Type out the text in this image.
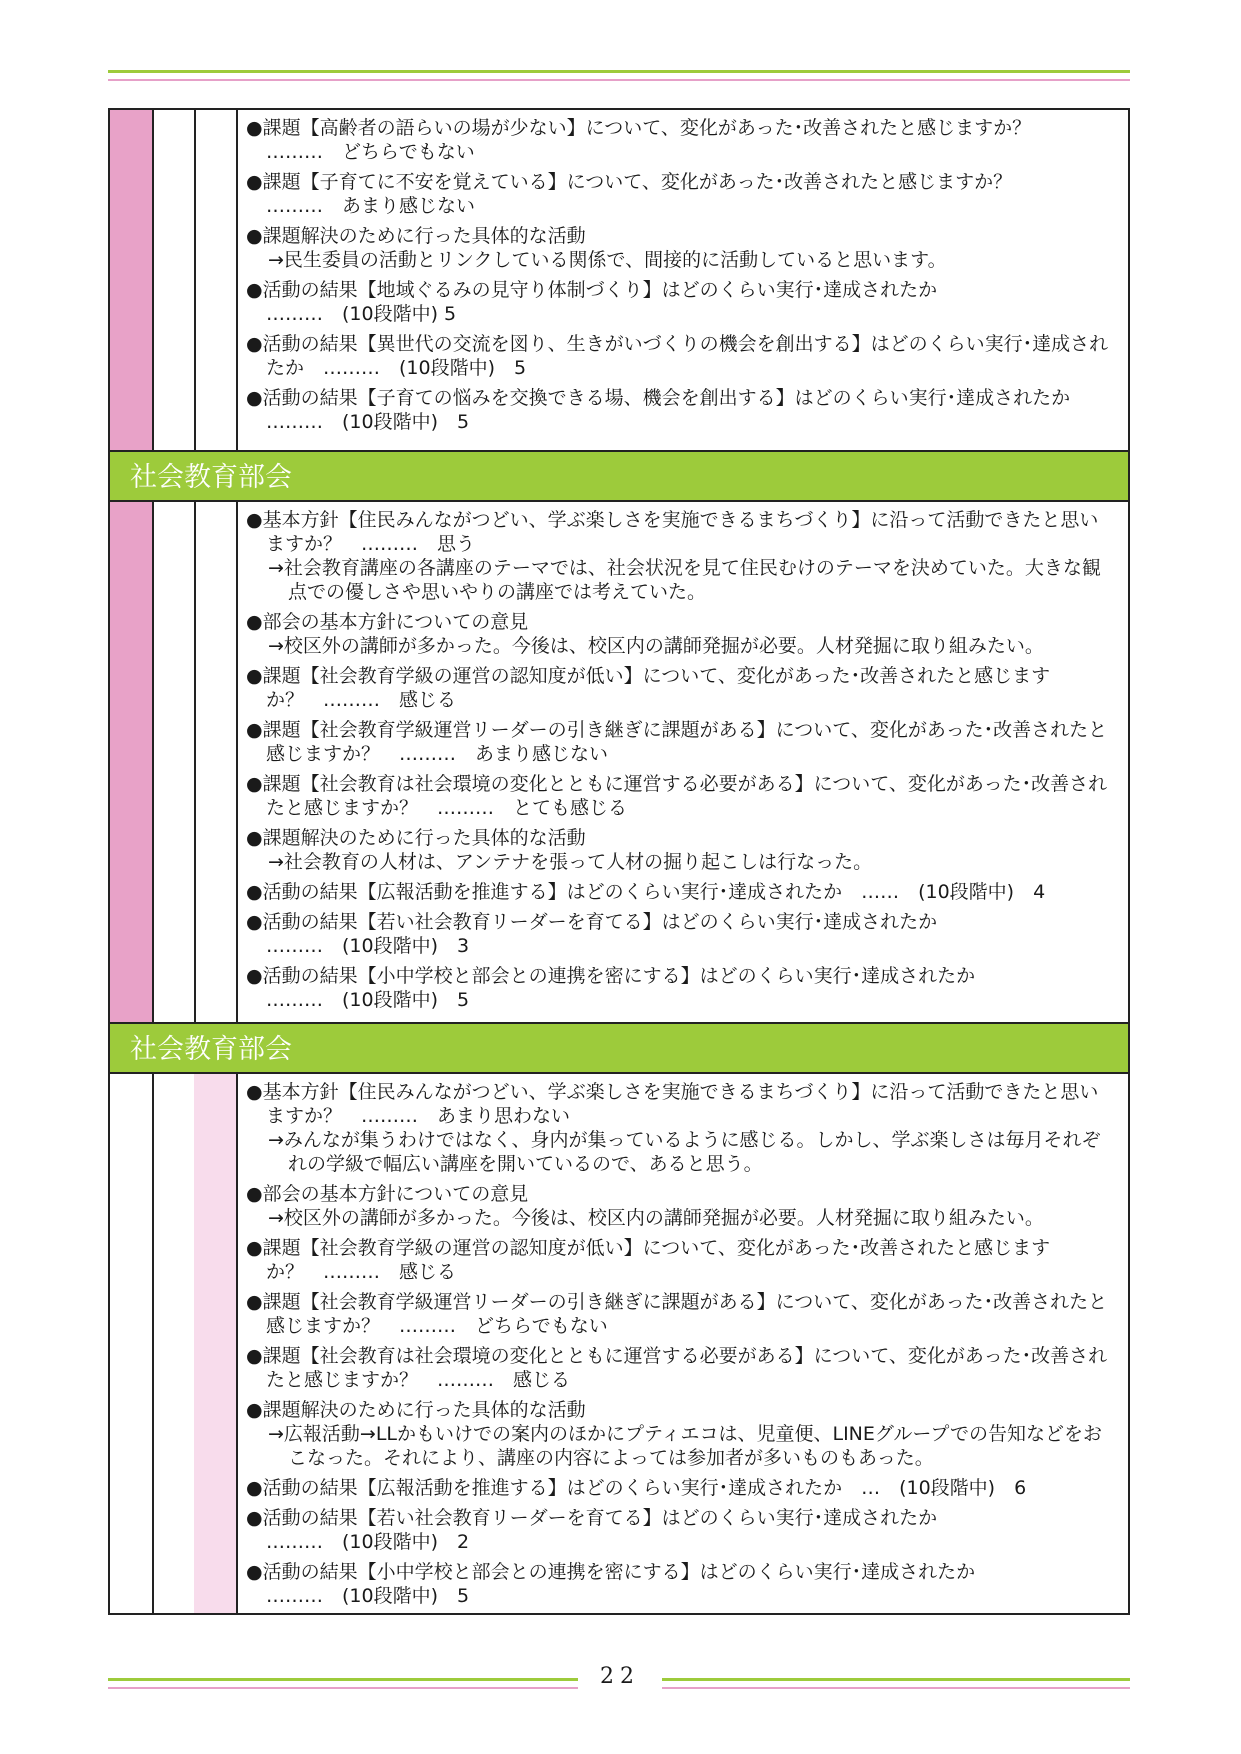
●課題【高齢者の語らいの場が少ない】について、変化があった･改善されたと感じますか？
………　どちらでもない
●課題【子育てに不安を覚えている】について、変化があった･改善されたと感じますか？
………　あまり感じない
●課題解決のために行った具体的な活動
→民生委員の活動とリンクしている関係で、間接的に活動していると思います。
●活動の結果【地域ぐるみの見守り体制づくり】はどのくらい実行･達成されたか
………　(10段階中) 5
●活動の結果【異世代の交流を図り、生きがいづくりの機会を創出する】はどのくらい実行･達成されたか　………　(10段階中)　5
●活動の結果【子育ての悩みを交換できる場、機会を創出する】はどのくらい実行･達成されたか
………　(10段階中)　5
社会教育部会
●基本方針【住民みんながつどい、学ぶ楽しさを実施できるまちづくり】に沿って活動できたと思いますか？　………　思う
→社会教育講座の各講座のテーマでは、社会状況を見て住民むけのテーマを決めていた。大きな観点での優しさや思いやりの講座では考えていた。
●部会の基本方針についての意見
→校区外の講師が多かった。今後は、校区内の講師発掘が必要。人材発掘に取り組みたい。
●課題【社会教育学級の運営の認知度が低い】について、変化があった･改善されたと感じますか？　………　感じる
●課題【社会教育学級運営リーダーの引き継ぎに課題がある】について、変化があった･改善されたと感じますか？　………　あまり感じない
●課題【社会教育は社会環境の変化とともに運営する必要がある】について、変化があった･改善されたと感じますか？　………　とても感じる
●課題解決のために行った具体的な活動
→社会教育の人材は、アンテナを張って人材の掘り起こしは行なった。
●活動の結果【広報活動を推進する】はどのくらい実行･達成されたか　……　(10段階中)　4
●活動の結果【若い社会教育リーダーを育てる】はどのくらい実行･達成されたか
………　(10段階中)　3
●活動の結果【小中学校と部会との連携を密にする】はどのくらい実行･達成されたか
………　(10段階中)　5
社会教育部会
●基本方針【住民みんながつどい、学ぶ楽しさを実施できるまちづくり】に沿って活動できたと思いますか？　………　あまり思わない
→みんなが集うわけではなく、身内が集っているように感じる。しかし、学ぶ楽しさは毎月それぞれの学級で幅広い講座を開いているので、あると思う。
●部会の基本方針についての意見
→校区外の講師が多かった。今後は、校区内の講師発掘が必要。人材発掘に取り組みたい。
●課題【社会教育学級の運営の認知度が低い】について、変化があった･改善されたと感じますか？　………　感じる
●課題【社会教育学級運営リーダーの引き継ぎに課題がある】について、変化があった･改善されたと感じますか？　………　どちらでもない
●課題【社会教育は社会環境の変化とともに運営する必要がある】について、変化があった･改善されたと感じますか？　………　感じる
●課題解決のために行った具体的な活動
→広報活動→LLかもいけでの案内のほかにプティエコは、児童便、LINEグループでの告知などをおこなった。それにより、講座の内容によっては参加者が多いものもあった。
●活動の結果【広報活動を推進する】はどのくらい実行･達成されたか　…　(10段階中)　6
●活動の結果【若い社会教育リーダーを育てる】はどのくらい実行･達成されたか
………　(10段階中)　2
●活動の結果【小中学校と部会との連携を密にする】はどのくらい実行･達成されたか
………　(10段階中)　5
22
